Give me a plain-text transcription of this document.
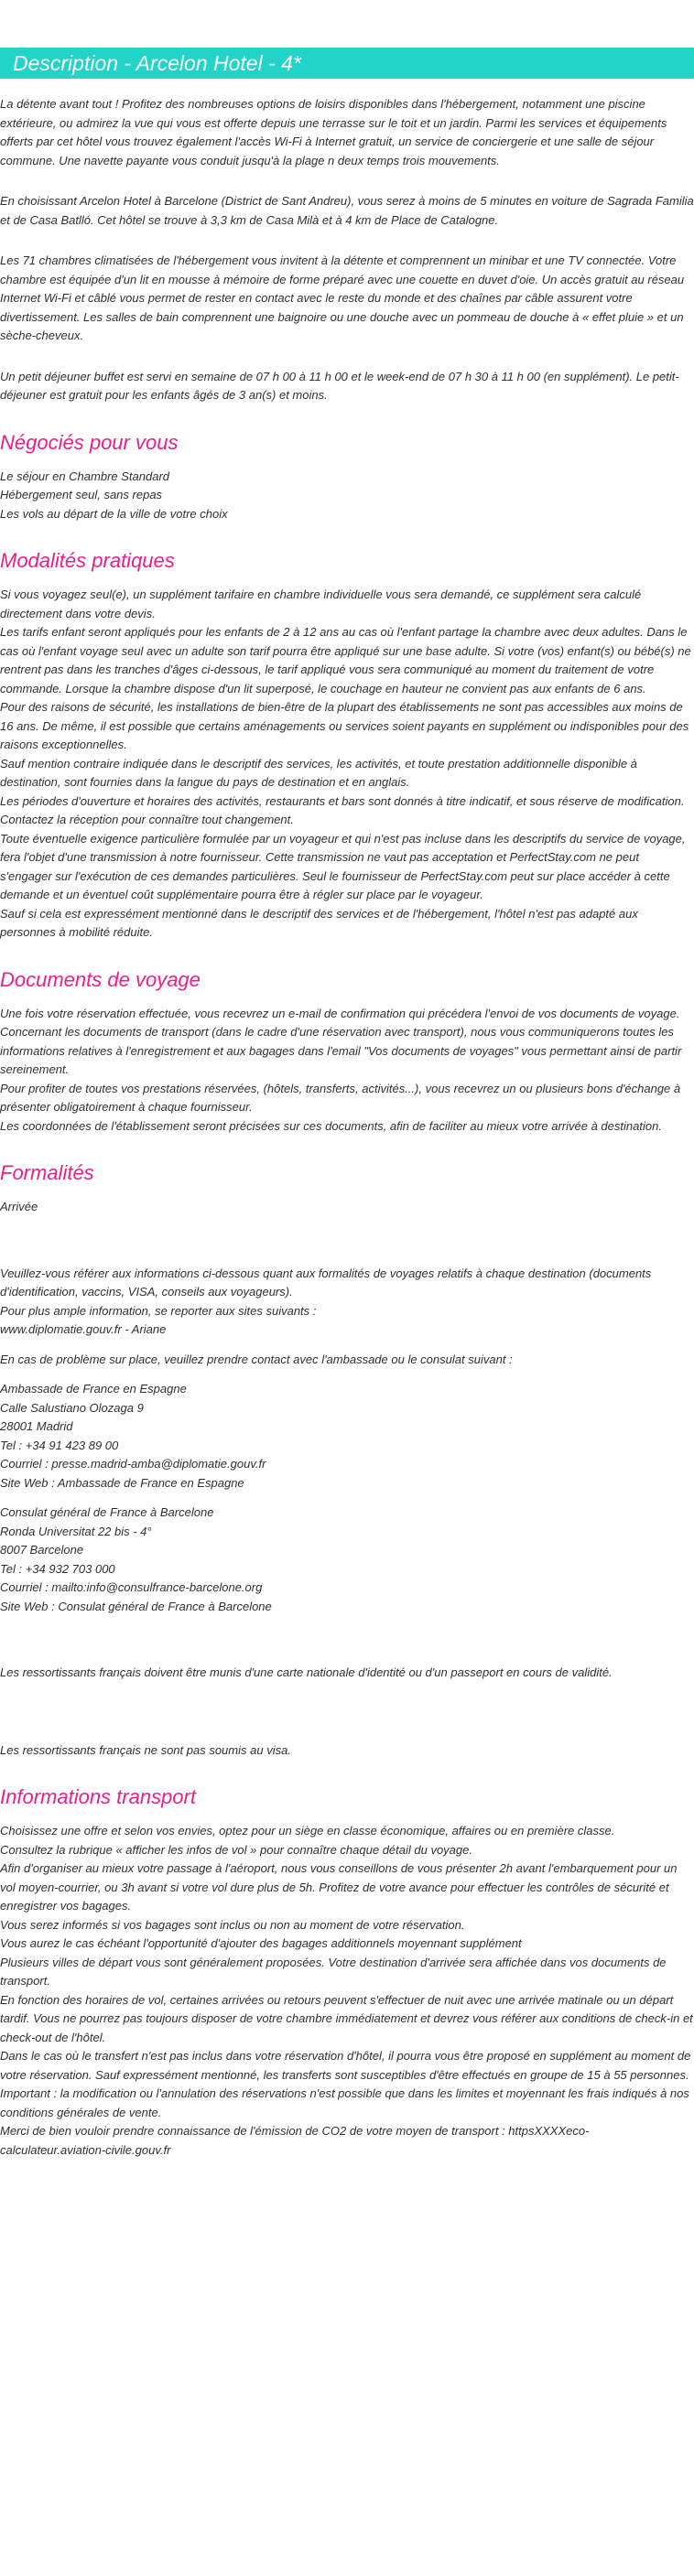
Description - Arcelon Hotel - 4*

La détente avant tout ! Profitez des nombreuses options de loisirs disponibles dans l'hébergement, notamment une piscine extérieure, ou admirez la vue qui vous est offerte depuis une terrasse sur le toit et un jardin. Parmi les services et équipements offerts par cet hôtel vous trouvez également l'accès Wi-Fi à Internet gratuit, un service de conciergerie et une salle de séjour commune. Une navette payante vous conduit jusqu'à la plage n deux temps trois mouvements.

En choisissant Arcelon Hotel à Barcelone (District de Sant Andreu), vous serez à moins de 5 minutes en voiture de Sagrada Familia et de Casa Batlló. Cet hôtel se trouve à 3,3 km de Casa Milà et à 4 km de Place de Catalogne.

Les 71 chambres climatisées de l'hébergement vous invitent à la détente et comprennent un minibar et une TV connectée. Votre chambre est équipée d'un lit en mousse à mémoire de forme préparé avec une couette en duvet d'oie. Un accès gratuit au réseau Internet Wi-Fi et câblé vous permet de rester en contact avec le reste du monde et des chaînes par câble assurent votre divertissement. Les salles de bain comprennent une baignoire ou une douche avec un pommeau de douche à « effet pluie » et un sèche-cheveux.

Un petit déjeuner buffet est servi en semaine de 07 h 00 à 11 h 00 et le week-end de 07 h 30 à 11 h 00 (en supplément). Le petit-déjeuner est gratuit pour les enfants âgés de 3 an(s) et moins.

Négociés pour vous

Le séjour en Chambre Standard

Hébergement seul, sans repas

Les vols au départ de la ville de votre choix

Modalités pratiques

Si vous voyagez seul(e), un supplément tarifaire en chambre individuelle vous sera demandé, ce supplément sera calculé directement dans votre devis.

Les tarifs enfant seront appliqués pour les enfants de 2 à 12 ans au cas où l'enfant partage la chambre avec deux adultes. Dans le cas où l'enfant voyage seul avec un adulte son tarif pourra être appliqué sur une base adulte. Si votre (vos) enfant(s) ou bébé(s) ne rentrent pas dans les tranches d'âges ci-dessous, le tarif appliqué vous sera communiqué au moment du traitement de votre commande. Lorsque la chambre dispose d'un lit superposé, le couchage en hauteur ne convient pas aux enfants de 6 ans.

Pour des raisons de sécurité, les installations de bien-être de la plupart des établissements ne sont pas accessibles aux moins de 16 ans. De même, il est possible que certains aménagements ou services soient payants en supplément ou indisponibles pour des raisons exceptionnelles.

Sauf mention contraire indiquée dans le descriptif des services, les activités, et toute prestation additionnelle disponible à destination, sont fournies dans la langue du pays de destination et en anglais.

Les périodes d'ouverture et horaires des activités, restaurants et bars sont donnés à titre indicatif, et sous réserve de modification. Contactez la réception pour connaître tout changement.

Toute éventuelle exigence particulière formulée par un voyageur et qui n'est pas incluse dans les descriptifs du service de voyage, fera l'objet d'une transmission à notre fournisseur. Cette transmission ne vaut pas acceptation et PerfectStay.com ne peut s'engager sur l'exécution de ces demandes particulières. Seul le fournisseur de PerfectStay.com peut sur place accéder à cette demande et un éventuel coût supplémentaire pourra être à régler sur place par le voyageur.

Sauf si cela est expressément mentionné dans le descriptif des services et de l'hébergement, l'hôtel n'est pas adapté aux personnes à mobilité réduite.

Documents de voyage

Une fois votre réservation effectuée, vous recevrez un e-mail de confirmation qui précédera l'envoi de vos documents de voyage.

Concernant les documents de transport (dans le cadre d'une réservation avec transport), nous vous communiquerons toutes les informations relatives à l'enregistrement et aux bagages dans l'email "Vos documents de voyages" vous permettant ainsi de partir sereinement.

Pour profiter de toutes vos prestations réservées, (hôtels, transferts, activités...), vous recevrez un ou plusieurs bons d'échange à présenter obligatoirement à chaque fournisseur.

Les coordonnées de l'établissement seront précisées sur ces documents, afin de faciliter au mieux votre arrivée à destination.

Formalités

Arrivée

Veuillez-vous référer aux informations ci-dessous quant aux formalités de voyages relatifs à chaque destination (documents d'identification, vaccins, VISA, conseils aux voyageurs).

Pour plus ample information, se reporter aux sites suivants :

www.diplomatie.gouv.fr - Ariane

En cas de problème sur place, veuillez prendre contact avec l'ambassade ou le consulat suivant :

Ambassade de France en Espagne

Calle Salustiano Olozaga 9

28001 Madrid

Tel : +34 91 423 89 00

Courriel : presse.madrid-amba@diplomatie.gouv.fr

Site Web : Ambassade de France en Espagne

Consulat général de France à Barcelone

Ronda Universitat 22 bis - 4°

8007 Barcelone

Tel : +34 932 703 000

Courriel : mailto:info@consulfrance-barcelone.org

Site Web : Consulat général de France à Barcelone

Les ressortissants français doivent être munis d'une carte nationale d'identité ou d'un passeport en cours de validité.

Les ressortissants français ne sont pas soumis au visa.

Informations transport

Choisissez une offre et selon vos envies, optez pour un siège en classe économique, affaires ou en première classe.

Consultez la rubrique « afficher les infos de vol » pour connaître chaque détail du voyage.

Afin d'organiser au mieux votre passage à l'aéroport, nous vous conseillons de vous présenter 2h avant l'embarquement pour un vol moyen-courrier, ou 3h avant si votre vol dure plus de 5h. Profitez de votre avance pour effectuer les contrôles de sécurité et enregistrer vos bagages.

Vous serez informés si vos bagages sont inclus ou non au moment de votre réservation.

Vous aurez le cas échéant l'opportunité d'ajouter des bagages additionnels moyennant supplément

Plusieurs villes de départ vous sont généralement proposées. Votre destination d'arrivée sera affichée dans vos documents de transport.

En fonction des horaires de vol, certaines arrivées ou retours peuvent s'effectuer de nuit avec une arrivée matinale ou un départ tardif. Vous ne pourrez pas toujours disposer de votre chambre immédiatement et devrez vous référer aux conditions de check-in et check-out de l'hôtel.

Dans le cas où le transfert n'est pas inclus dans votre réservation d'hôtel, il pourra vous être proposé en supplément au moment de votre réservation. Sauf expressément mentionné, les transferts sont susceptibles d'être effectués en groupe de 15 à 55 personnes.

Important : la modification ou l'annulation des réservations n'est possible que dans les limites et moyennant les frais indiqués à nos conditions générales de vente.

Merci de bien vouloir prendre connaissance de l'émission de CO2 de votre moyen de transport : httpsXXXXeco-calculateur.aviation-civile.gouv.fr
